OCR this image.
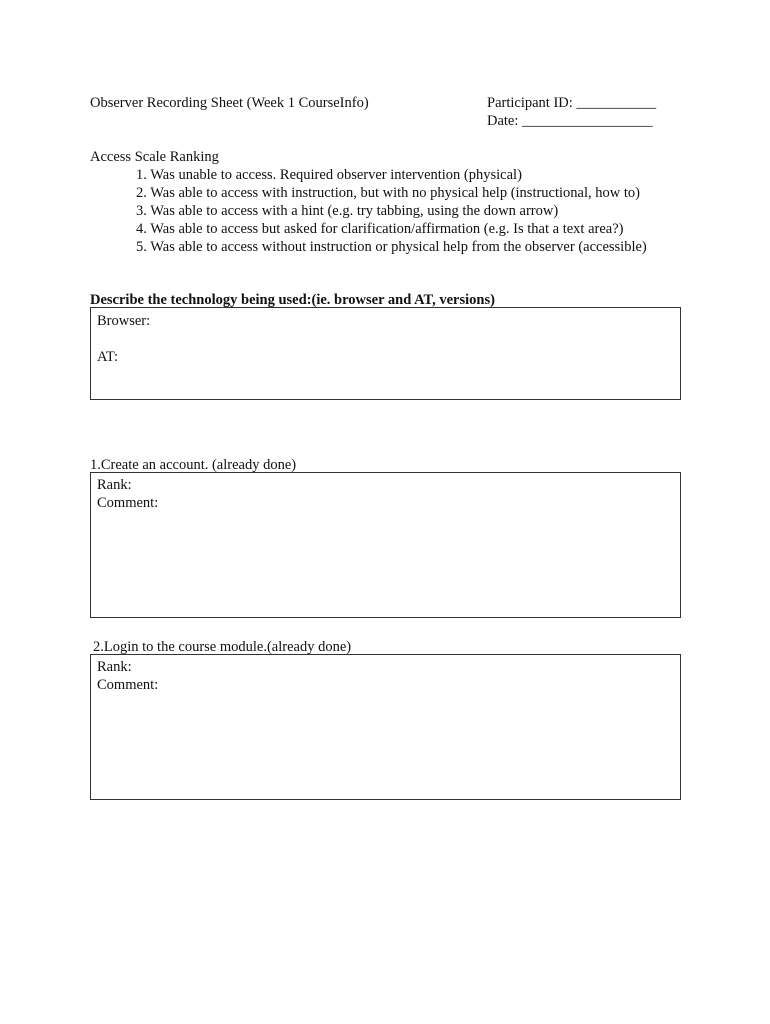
Observer Recording Sheet (Week 1 CourseInfo)	Participant ID: ___________
Date: __________________
Access Scale Ranking
1. Was unable to access. Required observer intervention (physical)
2. Was able to access with instruction, but with no physical help (instructional, how to)
3. Was able to access with a hint (e.g. try tabbing, using the down arrow)
4. Was able to access but asked for clarification/affirmation (e.g. Is that a text area?)
5. Was able to access without instruction or physical help from the observer (accessible)
Describe the technology being used:(ie. browser and AT, versions)
Browser:
AT:
1.Create an account. (already done)
Rank:
Comment:
2.Login to the course module.(already done)
Rank:
Comment:
